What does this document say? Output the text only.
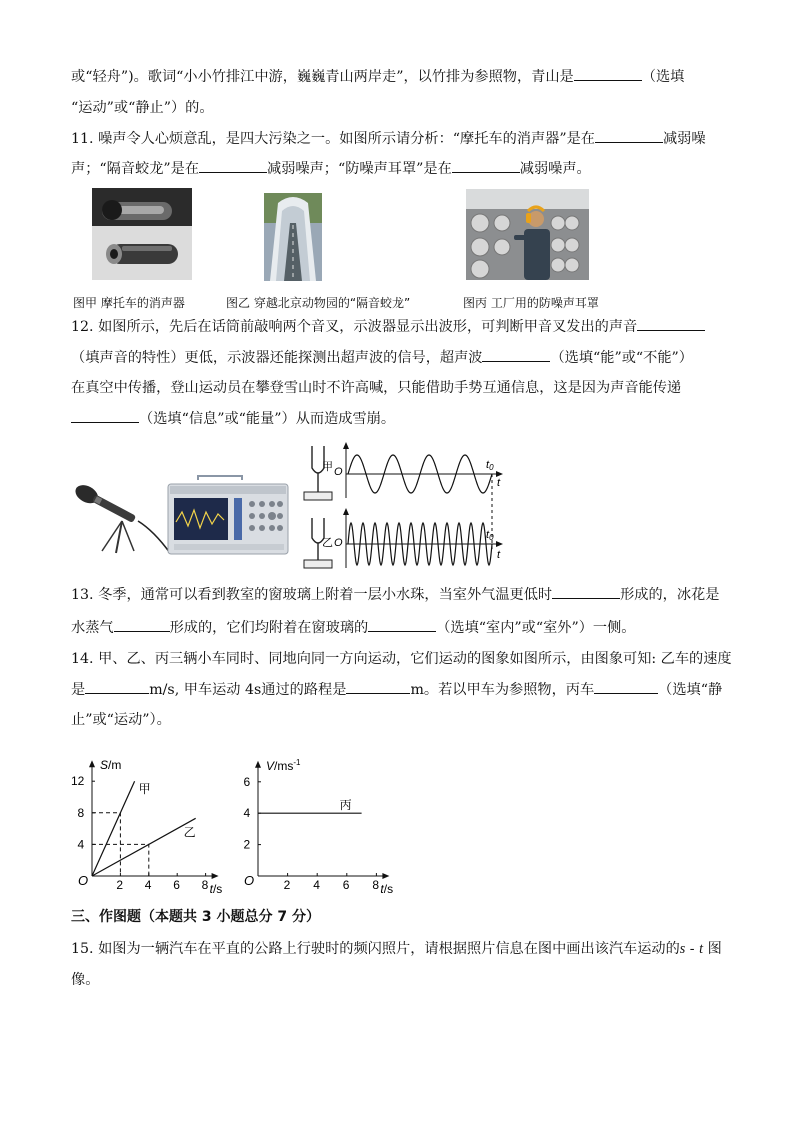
或“轻舟”)。歌词“小小竹排江中游，巍巍青山两岸走”，以竹排为参照物，青山是	（选填
“运动”或“静止”）的。
11. 噪声令人心烦意乱，是四大污染之一。如图所示请分析：“摩托车的消声器”是在	减弱噪
声；“隔音蛟龙”是在	减弱噪声；“防噪声耳罩”是在	减弱噪声。
图甲 摩托车的消声器	图乙 穿越北京动物园的“隔音蛟龙”	图丙 工厂用的防噪声耳罩
12. 如图所示，先后在话筒前敲响两个音叉，示波器显示出波形，可判断甲音叉发出的声音
（填声音的特性）更低，示波器还能探测出超声波的信号，超声波	（选填“能”或“不能”）
在真空中传播，登山运动员在攀登雪山时不许高喊，只能借助手势互通信息，这是因为声音能传递
（选填“信息”或“能量”）从而造成雪崩。
甲 O
t
t0
乙 O
t
t0
13. 冬季，通常可以看到教室的窗玻璃上附着一层小水珠，当室外气温更低时	形成的，冰花是
水蒸气	形成的，它们均附着在窗玻璃的	（选填“室内”或“室外”）一侧。
14. 甲、乙、丙三辆小车同时、同地向同一方向运动，它们运动的图象如图所示，由图象可知: 乙车的速度
是	m/s, 甲车运动 4s通过的路程是	m。若以甲车为参照物，丙车	（选填“静
止”或“运动”）。
O 2 4 6 8
4
8
12
t/s
S/m
甲
乙
O 2 4 6 8
2
4
6
t/s
$V/ms^{-1}$
丙
三、作图题（本题共 3 小题总分 7 分）
15. 如图为一辆汽车在平直的公路上行驶时的频闪照片，请根据照片信息在图中画出该汽车运动的s - t 图
像。
